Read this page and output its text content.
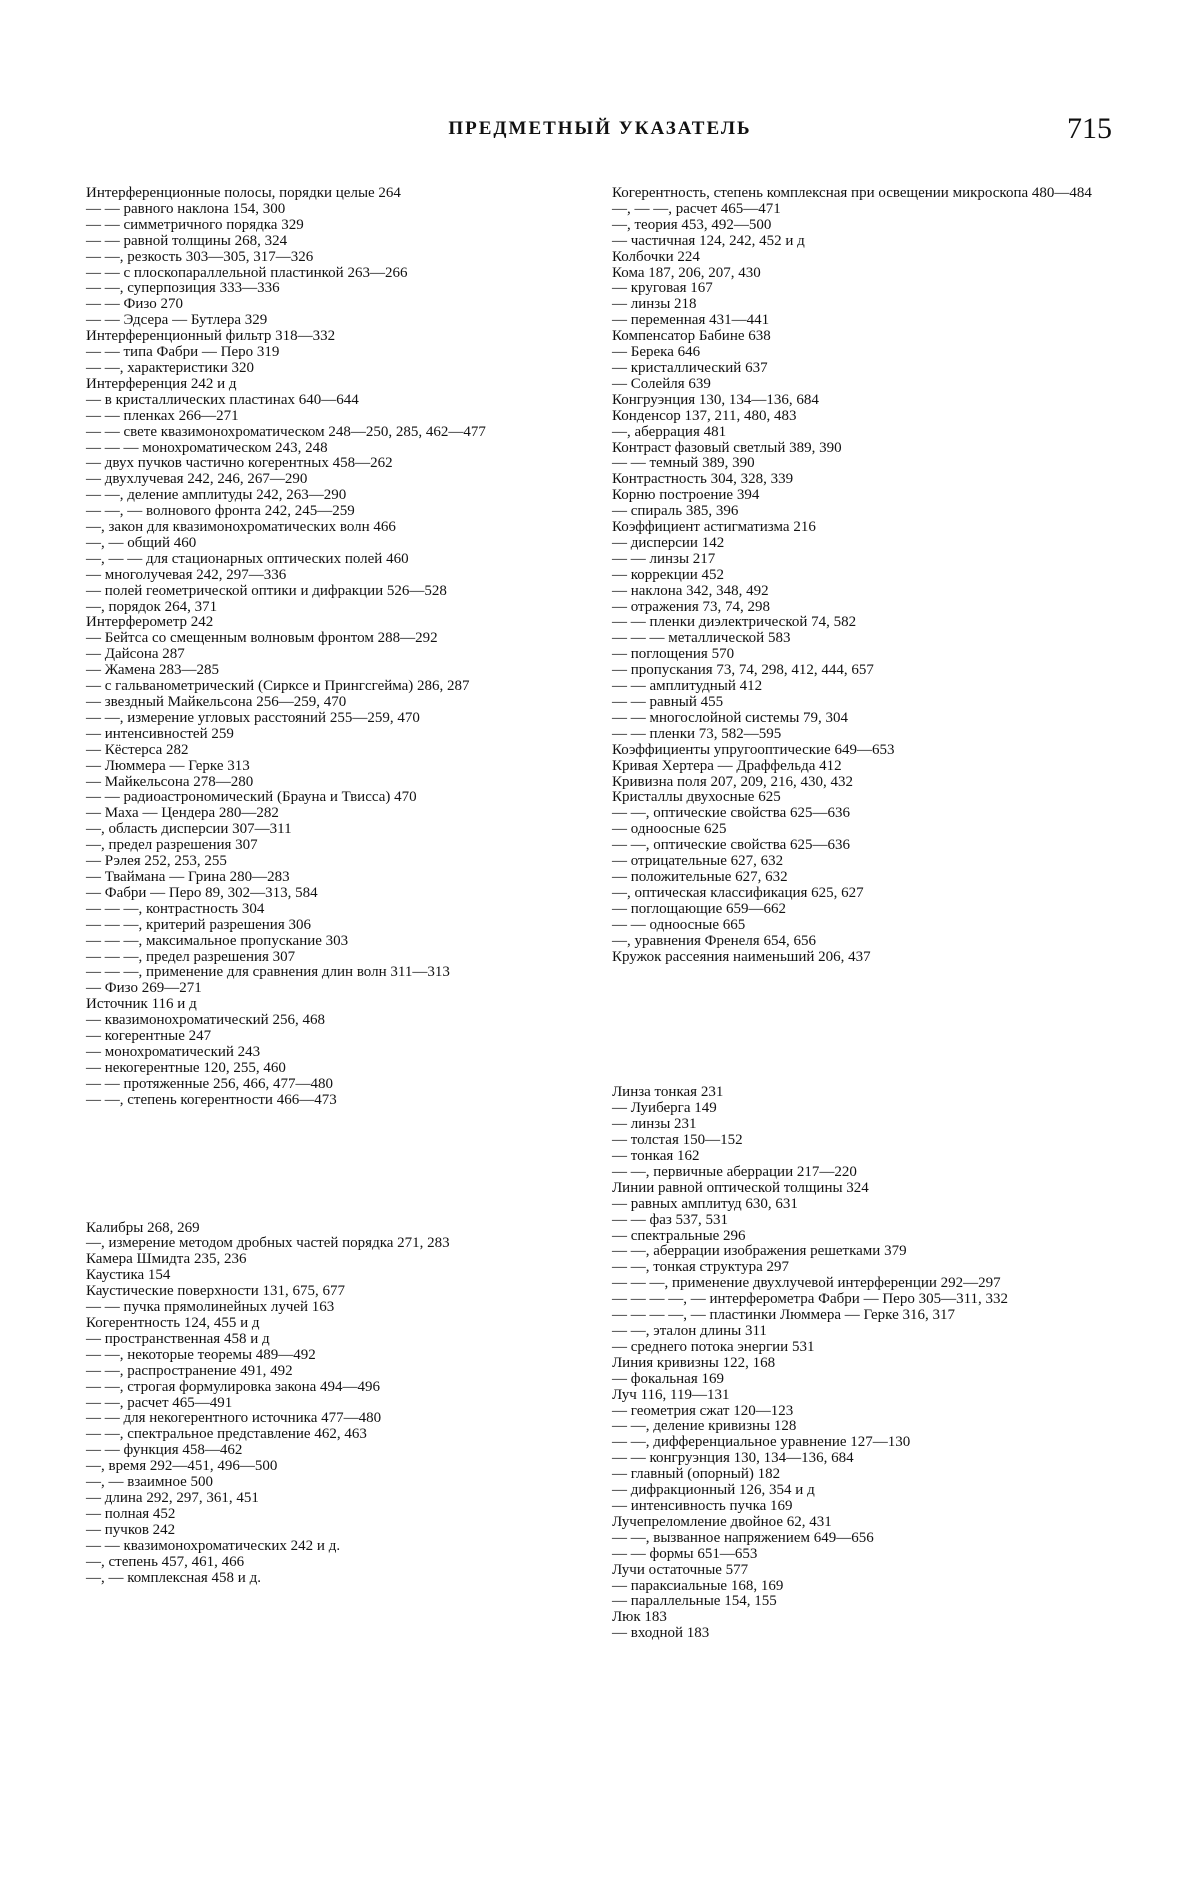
ПРЕДМЕТНЫЙ УКАЗАТЕЛЬ	715
Интерференционные полосы, порядки целые 264
— — равного наклона 154, 300
— — симметричного порядка 329
— — равной толщины 268, 324
— —, резкость 303—305, 317—326
— — с плоскопараллельной пластинкой 263—266
— —, суперпозиция 333—336
— — Физо 270
— — Эдсера — Бутлера 329
Интерференционный фильтр 318—332
— — типа Фабри — Перо 319
— —, характеристики 320
Интерференция 242 и д
— в кристаллических пластинах 640—644
— — пленках 266—271
— — свете квазимонохроматическом 248—250, 285, 462—477
— — — монохроматическом 243, 248
— двух пучков частично когерентных 458—262
— двухлучевая 242, 246, 267—290
— —, деление амплитуды 242, 263—290
— —, — волнового фронта 242, 245—259
—, закон для квазимонохроматических волн 466
—, — общий 460
—, — — для стационарных оптических полей 460
— многолучевая 242, 297—336
— полей геометрической оптики и дифракции 526—528
—, порядок 264, 371
Интерферометр 242
— Бейтса со смещенным волновым фронтом 288—292
— Дайсона 287
— Жамена 283—285
— с гальванометрический (Сирксе и Прингсгейма) 286, 287
— звездный Майкельсона 256—259, 470
— —, измерение угловых расстояний 255—259, 470
— интенсивностей 259
— Кёстерса 282
— Люммера — Герке 313
— Майкельсона 278—280
— — радиоастрономический (Брауна и Твисса) 470
— Маха — Цендера 280—282
—, область дисперсии 307—311
—, предел разрешения 307
— Рэлея 252, 253, 255
— Тваймана — Грина 280—283
— Фабри — Перо 89, 302—313, 584
— — —, контрастность 304
— — —, критерий разрешения 306
— — —, максимальное пропускание 303
— — —, предел разрешения 307
— — —, применение для сравнения длин волн 311—313
— Физо 269—271
Источник 116 и д
— квазимонохроматический 256, 468
— когерентные 247
— монохроматический 243
— некогерентные 120, 255, 460
— — протяженные 256, 466, 477—480
— —, степень когерентности 466—473
Калибры 268, 269
—, измерение методом дробных частей порядка 271, 283
Камера Шмидта 235, 236
Каустика 154
Каустические поверхности 131, 675, 677
— — пучка прямолинейных лучей 163
Когерентность 124, 455 и д
— пространственная 458 и д
— —, некоторые теоремы 489—492
— —, распространение 491, 492
— —, строгая формулировка закона 494—496
— —, расчет 465—491
— — для некогерентного источника 477—480
— —, спектральное представление 462, 463
— — функция 458—462
—, время 292—451, 496—500
—, — взаимное 500
— длина 292, 297, 361, 451
— полная 452
— пучков 242
— — квазимонохроматических 242 и д.
—, степень 457, 461, 466
—, — комплексная 458 и д.
Когерентность, степень комплексная при освещении микроскопа 480—484
—, — —, расчет 465—471
—, теория 453, 492—500
— частичная 124, 242, 452 и д
Колбочки 224
Кома 187, 206, 207, 430
— круговая 167
— линзы 218
— переменная 431—441
Компенсатор Бабине 638
— Берека 646
— кристаллический 637
— Солейля 639
Конгруэнция 130, 134—136, 684
Конденсор 137, 211, 480, 483
—, аберрация 481
Контраст фазовый светлый 389, 390
— — темный 389, 390
Контрастность 304, 328, 339
Корню построение 394
— спираль 385, 396
Коэффициент астигматизма 216
— дисперсии 142
— — линзы 217
— коррекции 452
— наклона 342, 348, 492
— отражения 73, 74, 298
— — пленки диэлектрической 74, 582
— — — металлической 583
— поглощения 570
— пропускания 73, 74, 298, 412, 444, 657
— — амплитудный 412
— — равный 455
— — многослойной системы 79, 304
— — пленки 73, 582—595
Коэффициенты упругооптические 649—653
Кривая Хертера — Драффельда 412
Кривизна поля 207, 209, 216, 430, 432
Кристаллы двухосные 625
— —, оптические свойства 625—636
— одноосные 625
— —, оптические свойства 625—636
— отрицательные 627, 632
— положительные 627, 632
—, оптическая классификация 625, 627
— поглощающие 659—662
— — одноосные 665
—, уравнения Френеля 654, 656
Кружок рассеяния наименьший 206, 437
Линза тонкая 231
— Луиберга 149
— линзы 231
— толстая 150—152
— тонкая 162
— —, первичные аберрации 217—220
Линии равной оптической толщины 324
— равных амплитуд 630, 631
— — фаз 537, 531
— спектральные 296
— —, аберрации изображения решетками 379
— —, тонкая структура 297
— — —, применение двухлучевой интерференции 292—297
— — — —, — интерферометра Фабри — Перо 305—311, 332
— — — —, — пластинки Люммера — Герке 316, 317
— —, эталон длины 311
— среднего потока энергии 531
Линия кривизны 122, 168
— фокальная 169
Луч 116, 119—131
— геометрия сжат 120—123
— —, деление кривизны 128
— —, дифференциальное уравнение 127—130
— — конгруэнция 130, 134—136, 684
— главный (опорный) 182
— дифракционный 126, 354 и д
— интенсивность пучка 169
Лучепреломление двойное 62, 431
— —, вызванное напряжением 649—656
— — формы 651—653
Лучи остаточные 577
— параксиальные 168, 169
— параллельные 154, 155
Люк 183
— входной 183
